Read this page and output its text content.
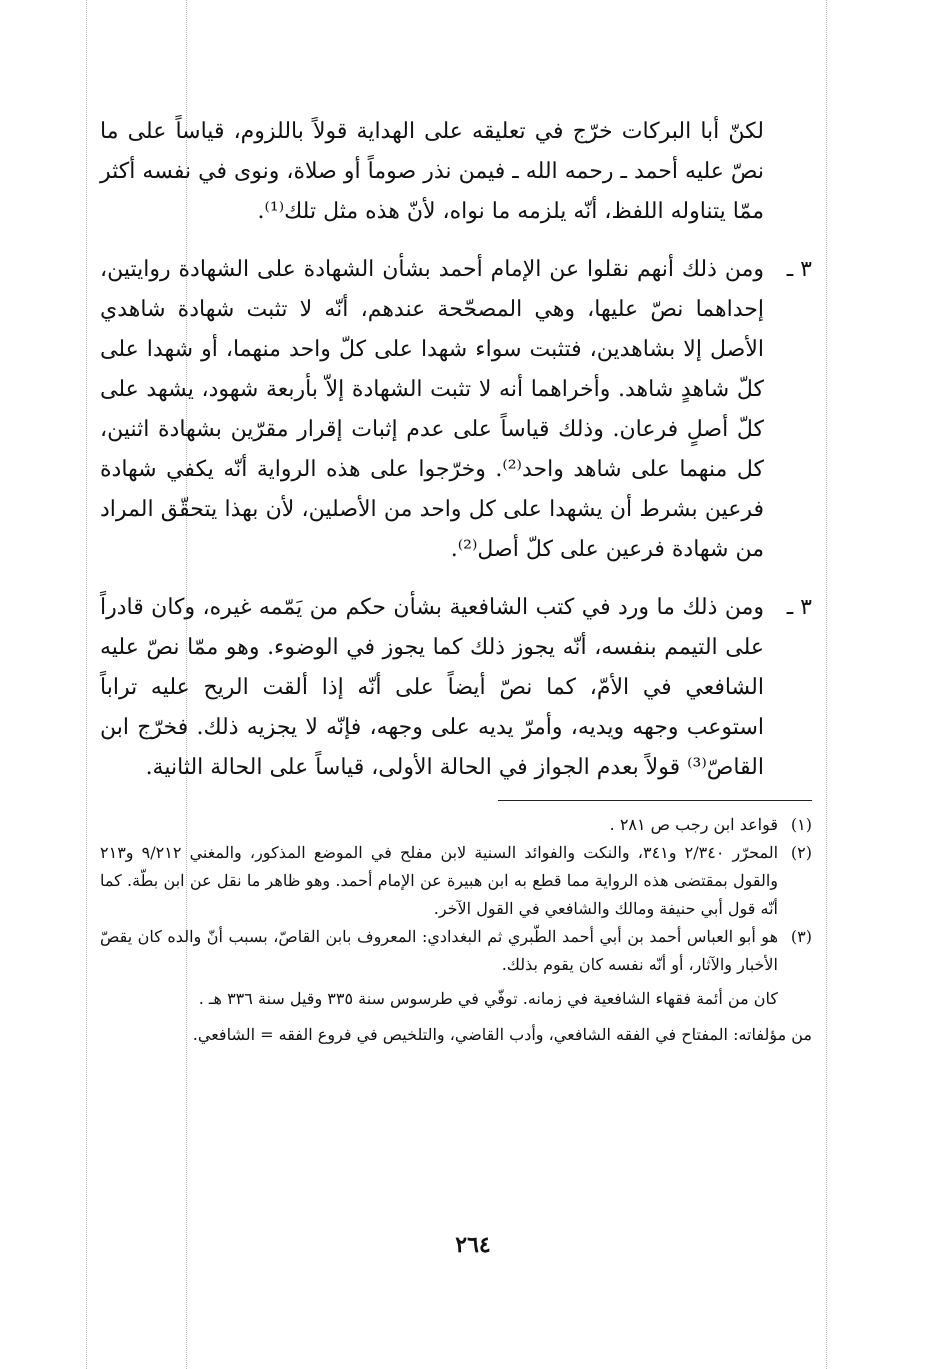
لكنّ أبا البركات خرّج في تعليقه على الهداية قولاً باللزوم، قياساً على ما نصّ عليه أحمد ـ رحمه الله ـ فيمن نذر صوماً أو صلاة، ونوى في نفسه أكثر ممّا يتناوله اللفظ، أنّه يلزمه ما نواه، لأنّ هذه مثل تلك⁽¹⁾.

٣ ـ

ومن ذلك أنهم نقلوا عن الإمام أحمد بشأن الشهادة على الشهادة روايتين، إحداهما نصّ عليها، وهي المصحّحة عندهم، أنّه لا تثبت شهادة شاهدي الأصل إلا بشاهدين، فتثبت سواء شهدا على كلّ واحد منهما، أو شهدا على كلّ شاهدٍ شاهد. وأخراهما أنه لا تثبت الشهادة إلاّ بأربعة شهود، يشهد على كلّ أصلٍ فرعان. وذلك قياساً على عدم إثبات إقرار مقرّين بشهادة اثنين، كل منهما على شاهد واحد⁽²⁾. وخرّجوا على هذه الرواية أنّه يكفي شهادة فرعين بشرط أن يشهدا على كل واحد من الأصلين، لأن بهذا يتحقّق المراد من شهادة فرعين على كلّ أصل⁽²⁾.

٣ ـ

ومن ذلك ما ورد في كتب الشافعية بشأن حكم من يَمّمه غيره، وكان قادراً على التيمم بنفسه، أنّه يجوز ذلك كما يجوز في الوضوء. وهو ممّا نصّ عليه الشافعي في الأمّ، كما نصّ أيضاً على أنّه إذا ألقت الريح عليه تراباً استوعب وجهه ويديه، وأمرّ يديه على وجهه، فإنّه لا يجزيه ذلك. فخرّج ابن القاصّ⁽³⁾ قولاً بعدم الجواز في الحالة الأولى، قياساً على الحالة الثانية.

(١)

قواعد ابن رجب ص ٢٨١ .

(٢)

المحرّر ٢/٣٤٠ و٣٤١، والنكت والفوائد السنية لابن مفلح في الموضع المذكور، والمغني ٩/٢١٢ و٢١٣ والقول بمقتضى هذه الرواية مما قطع به ابن هبيرة عن الإمام أحمد. وهو ظاهر ما نقل عن ابن بطّة. كما أنّه قول أبي حنيفة ومالك والشافعي في القول الآخر.

(٣)

هو أبو العباس أحمد بن أبي أحمد الطّبري ثم البغدادي: المعروف بابن القاصّ، بسبب أنّ والده كان يقصّ الأخبار والآثار، أو أنّه نفسه كان يقوم بذلك.

كان من أئمة فقهاء الشافعية في زمانه. توفّي في طرسوس سنة ٣٣٥ وقيل سنة ٣٣٦ هـ .

من مؤلفاته: المفتاح في الفقه الشافعي، وأدب القاضي، والتلخيص في فروع الفقه = الشافعي.

٢٦٤
